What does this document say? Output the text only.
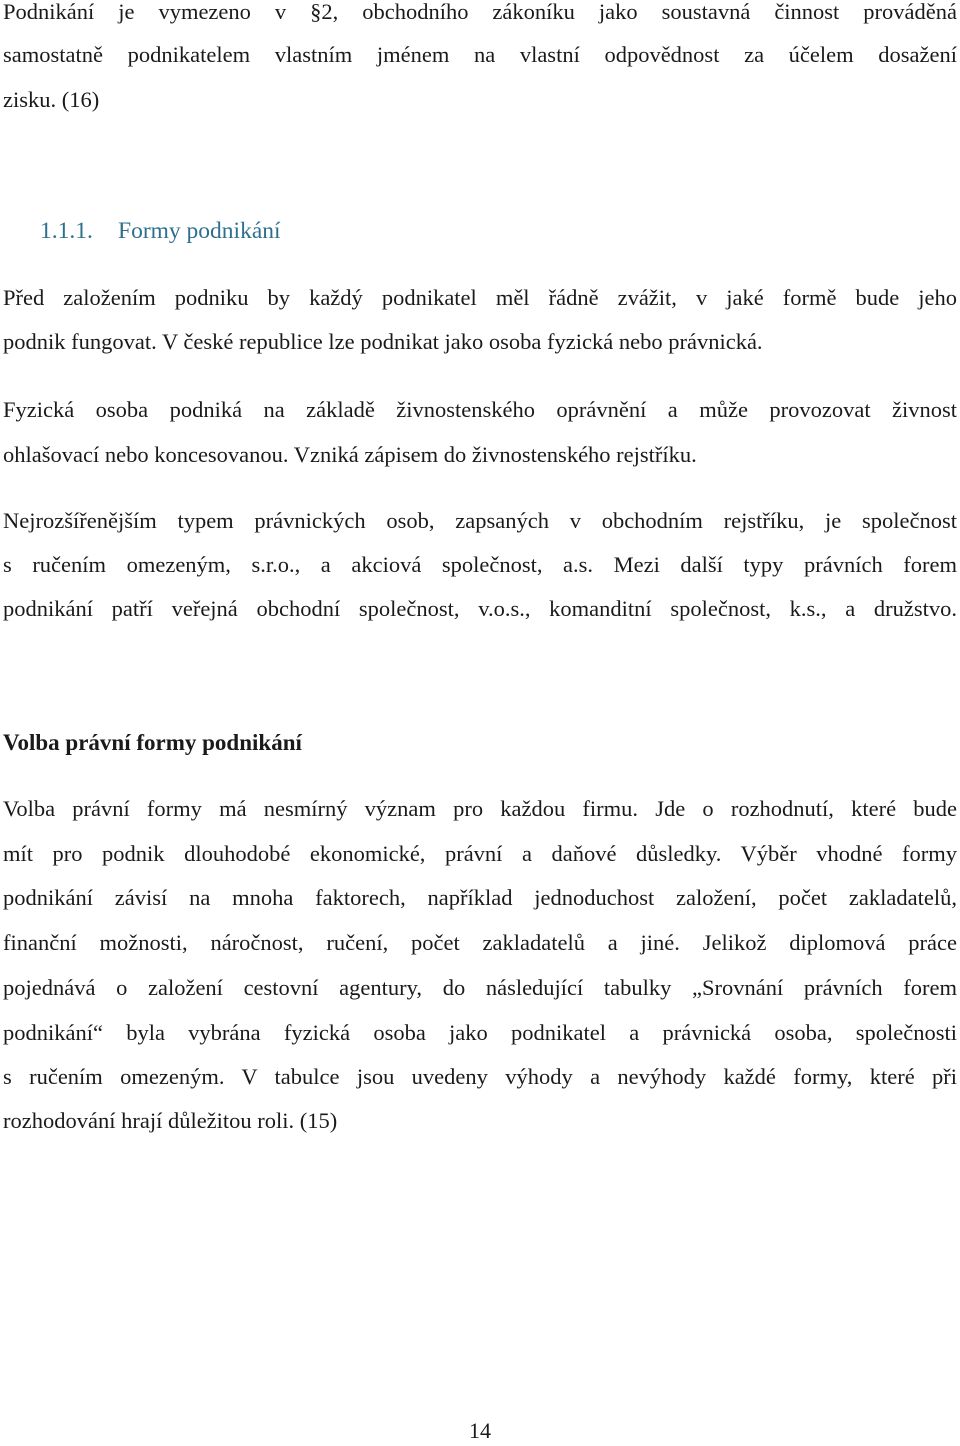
Podnikání je vymezeno v §2, obchodního zákoníku jako soustavná činnost prováděná
samostatně podnikatelem vlastním jménem na vlastní odpovědnost za účelem dosažení
zisku. (16)
1.1.1. Formy podnikání
Před založením podniku by každý podnikatel měl řádně zvážit, v jaké formě bude jeho
podnik fungovat. V české republice lze podnikat jako osoba fyzická nebo právnická.
Fyzická osoba podniká na základě živnostenského oprávnění a může provozovat živnost
ohlašovací nebo koncesovanou. Vzniká zápisem do živnostenského rejstříku.
Nejrozšířenějším typem právnických osob, zapsaných v obchodním rejstříku, je společnost
s ručením omezeným, s.r.o., a akciová společnost, a.s. Mezi další typy právních forem
podnikání patří veřejná obchodní společnost, v.o.s., komanditní společnost, k.s., a družstvo.
Volba právní formy podnikání
Volba právní formy má nesmírný význam pro každou firmu. Jde o rozhodnutí, které bude
mít pro podnik dlouhodobé ekonomické, právní a daňové důsledky. Výběr vhodné formy
podnikání závisí na mnoha faktorech, například jednoduchost založení, počet zakladatelů,
finanční možnosti, náročnost, ručení, počet zakladatelů a jiné. Jelikož diplomová práce
pojednává o založení cestovní agentury, do následující tabulky „Srovnání právních forem
podnikání“ byla vybrána fyzická osoba jako podnikatel a právnická osoba, společnosti
s ručením omezeným. V tabulce jsou uvedeny výhody a nevýhody každé formy, které při
rozhodování hrají důležitou roli. (15)
14
